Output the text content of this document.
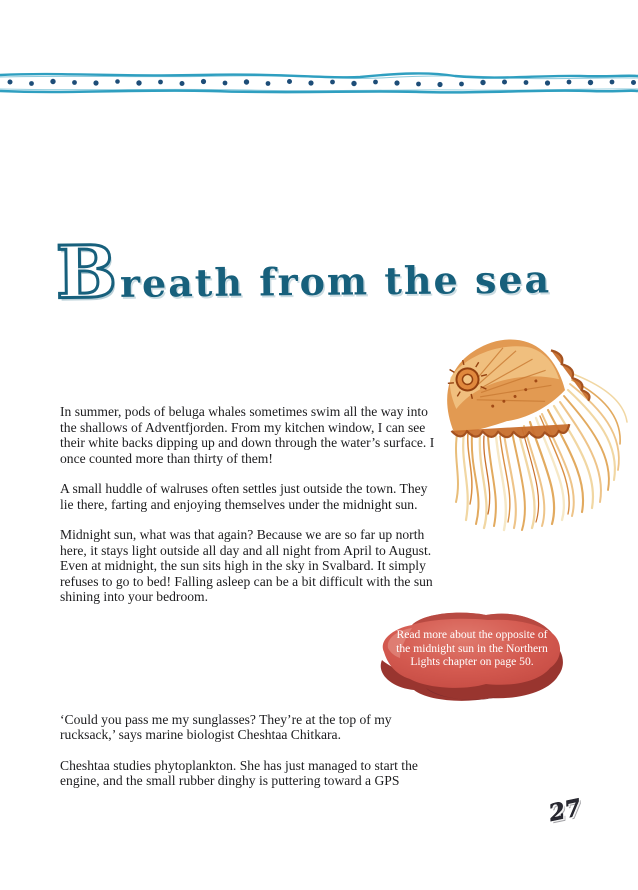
B reath from the sea
In summer, pods of beluga whales sometimes swim all the way into
the shallows of Adventfjorden. From my kitchen window, I can see
their white backs dipping up and down through the water’s surface. I
once counted more than thirty of them!
A small huddle of walruses often settles just outside the town. They
lie there, farting and enjoying themselves under the midnight sun.
Midnight sun, what was that again? Because we are so far up north
here, it stays light outside all day and all night from April to August.
Even at midnight, the sun sits high in the sky in Svalbard. It simply
refuses to go to bed! Falling asleep can be a bit difficult with the sun
shining into your bedroom.
‘Could you pass me my sunglasses? They’re at the top of my
rucksack,’ says marine biologist Cheshtaa Chitkara.
Cheshtaa studies phytoplankton. She has just managed to start the
engine, and the small rubber dinghy is puttering toward a GPS
Read more about the opposite of
the midnight sun in the Northern
Lights chapter on page 50.
27
